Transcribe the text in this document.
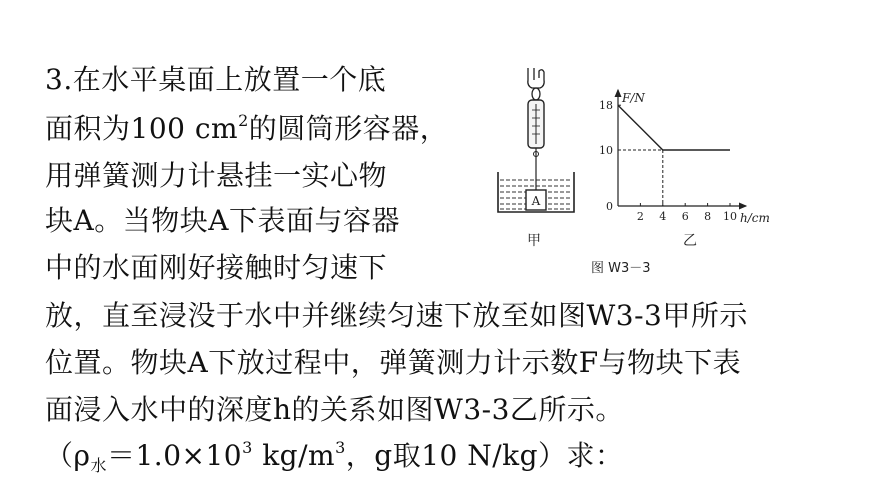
3.在水平桌面上放置一个底
面积为100 $cm^2$的圆筒形容器，
用弹簧测力计悬挂一实心物
块A。当物块A下表面与容器
中的水面刚好接触时匀速下
放，直至浸没于水中并继续匀速下放至如图W3-3甲所示
位置。物块A下放过程中，弹簧测力计示数F与物块下表
面浸入水中的深度h的关系如图W3-3乙所示。
（$\rho_水=1.0\times 10^3$ $kg/m^3$，g取10 N/kg）求：
A
甲
2 4 6 8 10
0
10
18
F/N
h/cm
乙
图 W3－3
